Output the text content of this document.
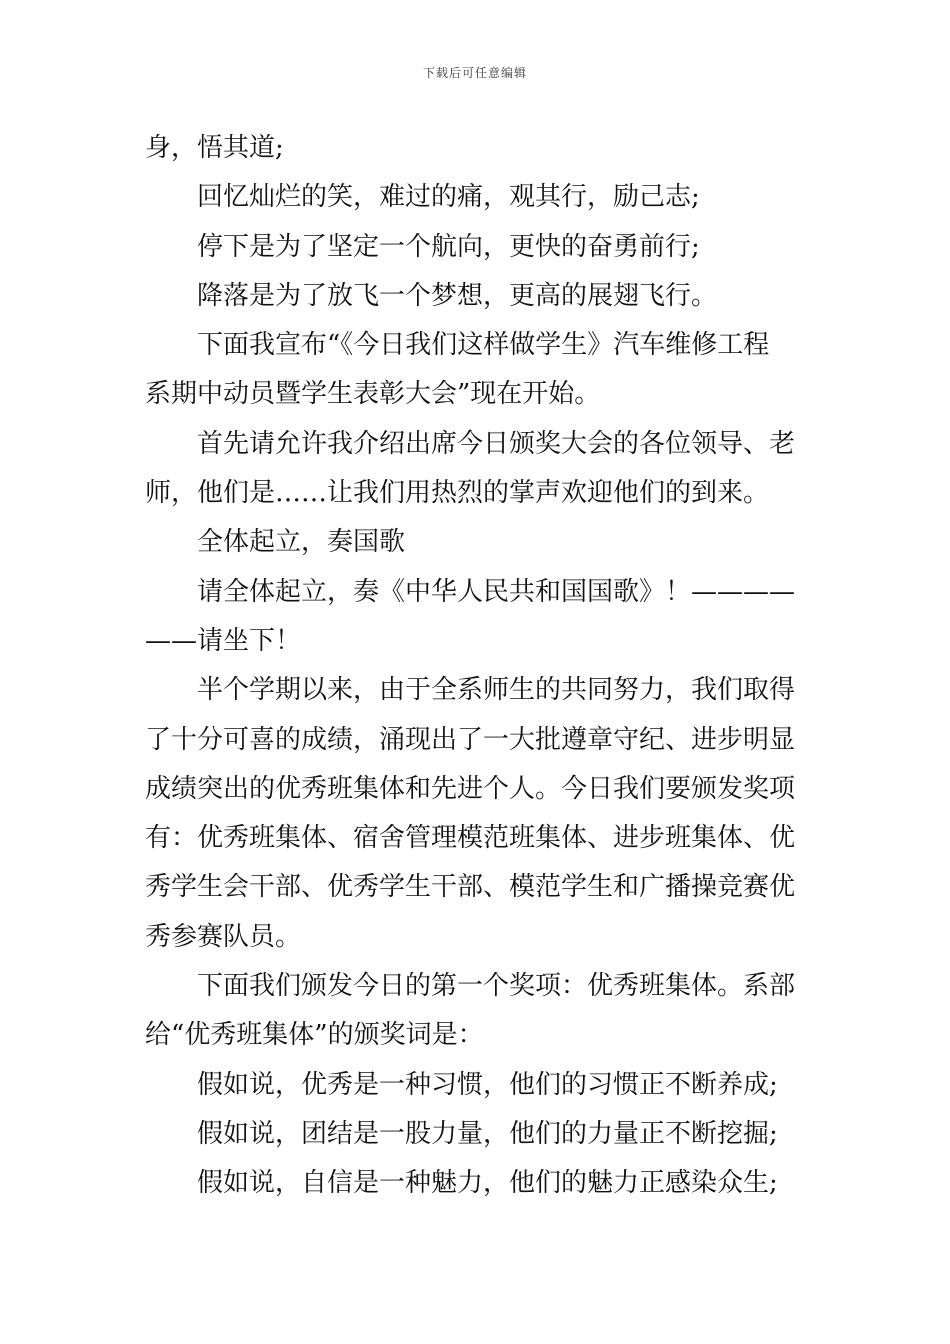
下载后可任意编辑
身，悟其道;
回忆灿烂的笑，难过的痛，观其行，励己志;
停下是为了坚定一个航向，更快的奋勇前行;
降落是为了放飞一个梦想，更高的展翅飞行。
下面我宣布“《今日我们这样做学生》汽车维修工程
系期中动员暨学生表彰大会”现在开始。
首先请允许我介绍出席今日颁奖大会的各位领导、老
师，他们是……让我们用热烈的掌声欢迎他们的到来。
全体起立，奏国歌
请全体起立，奏《中华人民共和国国歌》！————
——请坐下！
半个学期以来，由于全系师生的共同努力，我们取得
了十分可喜的成绩，涌现出了一大批遵章守纪、进步明显
成绩突出的优秀班集体和先进个人。今日我们要颁发奖项
有：优秀班集体、宿舍管理模范班集体、进步班集体、优
秀学生会干部、优秀学生干部、模范学生和广播操竞赛优
秀参赛队员。
下面我们颁发今日的第一个奖项：优秀班集体。系部
给“优秀班集体”的颁奖词是：
假如说，优秀是一种习惯，他们的习惯正不断养成;
假如说，团结是一股力量，他们的力量正不断挖掘;
假如说，自信是一种魅力，他们的魅力正感染众生;
